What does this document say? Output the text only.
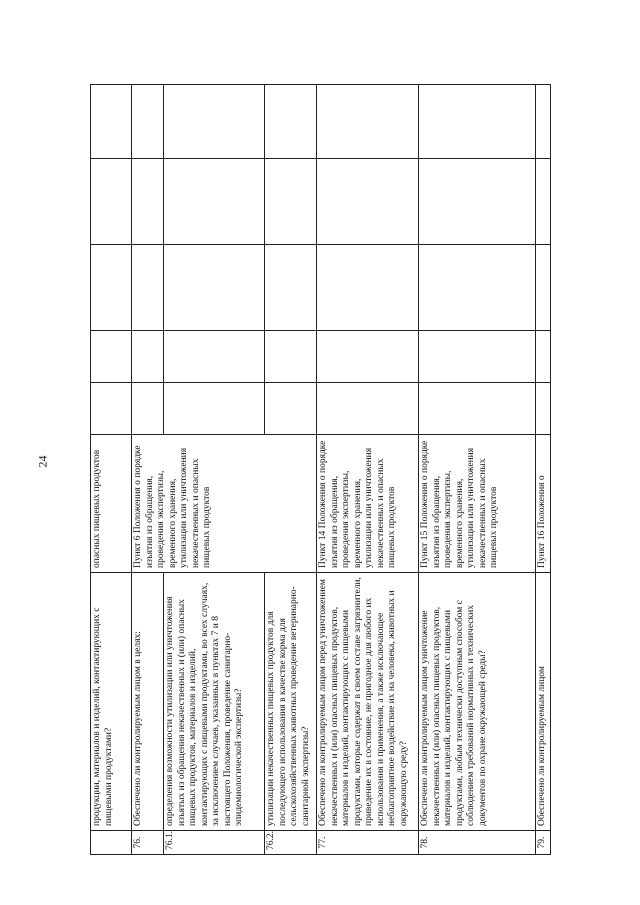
24
	продукции, материалов и изделий, контактирующих с пищевыми продуктами?	опасных пищевых продуктов					
76.	Обеспечено ли контролируемым лицом в целях:	Пункт 6 Положения о порядке изъятия из обращения, проведения экспертизы, временного хранения, утилизации или уничтожения некачественных и опасных пищевых продуктов					
76.1.	определения возможности утилизации или уничтожения изъятых из обращения некачественных и (или) опасных пищевых продуктов, материалов и изделий, контактирующих с пищевыми продуктами, во всех случаях, за исключением случаев, указанных в пунктах 7 и 8 настоящего Положения, проведение санитарно-эпидемиологической экспертизы?						
76.2.	утилизации некачественных пищевых продуктов для последующего использования в качестве корма для сельскохозяйственных животных проведение ветеринарно-санитарной экспертизы?						
77.	Обеспечено ли контролируемым лицом перед уничтожением некачественных и (или) опасных пищевых продуктов, материалов и изделий, контактирующих с пищевыми продуктами, которые содержат в своем составе загрязнители, приведение их в состояние, не пригодное для любого их использования и применения, а также исключающее неблагоприятное воздействие их на человека, животных и окружающую среду?	Пункт 14 Положения о порядке изъятия из обращения, проведения экспертизы, временного хранения, утилизации или уничтожения некачественных и опасных пищевых продуктов					
78.	Обеспечено ли контролируемым лицом уничтожение некачественных и (или) опасных пищевых продуктов, материалов и изделий, контактирующих с пищевыми продуктами, любым технически доступным способом с соблюдением требований нормативных и технических документов по охране окружающей среды?	Пункт 15 Положения о порядке изъятия из обращения, проведения экспертизы, временного хранения, утилизации или уничтожения некачественных и опасных пищевых продуктов					
79.	Обеспечено ли контролируемым лицом	Пункт 16 Положения о					
